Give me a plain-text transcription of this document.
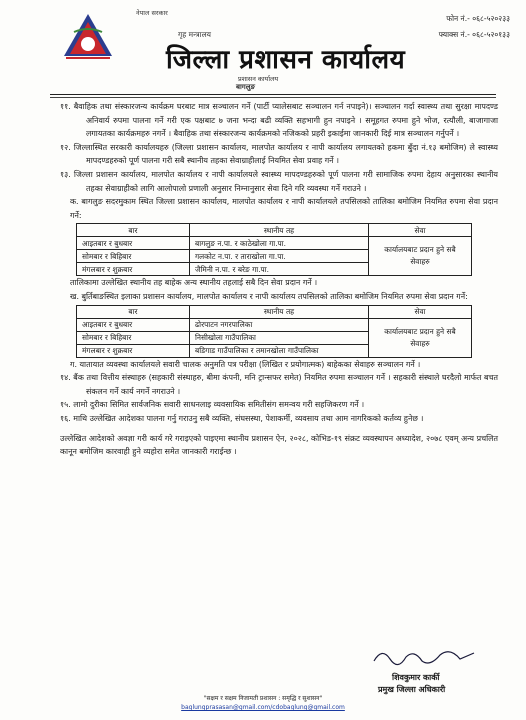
नेपाल सरकार
गृह मन्त्रालय
जिल्ला प्रशासन कार्यालय
प्रशासन कार्यालय
बागलुङ
फोन नं.- ०६८-५२०२३३
फ्याक्स नं.- ०६८-५२०१३३

११. बैवाहिक तथा संस्कारजन्य कार्यक्रम घरबाट मात्र सञ्चालन गर्ने (पार्टी प्यालेसबाट सञ्चालन गर्न नपाइने)। सञ्चालन गर्दा स्वास्थ्य तथा सुरक्षा मापदण्ड अनिवार्य रुपमा पालना गर्ने गरी एक पक्षबाट ७ जना भन्दा बढी व्यक्ति सहभागी हुन नपाइने । समूहगत रुपमा हुने भोज, रत्यौली, बाजागाजा लगायतका कार्यक्रमहरु नगर्ने । बैवाहिक तथा संस्कारजन्य कार्यक्रमको नजिकको प्रहरी इकाईमा जानकारी दिई मात्र सञ्चालन गर्नुपर्ने ।

१२. जिल्लास्थित सरकारी कार्यालयहरु (जिल्ला प्रशासन कार्यालय, मालपोत कार्यालय र नापी कार्यालय लगायतको हकमा बुँदा नं.१३ बमोजिम) ले स्वास्थ्य मापदण्डहरुको पूर्ण पालना गरी सबै स्थानीय तहका सेवाग्राहीलाई नियमित सेवा प्रवाह गर्ने ।

१३. जिल्ला प्रशासन कार्यालय, मालपोत कार्यालय र नापी कार्यालयले स्वास्थ्य मापदण्डहरुको पूर्ण पालना गरी सामाजिक रुपमा देहाय अनुसारका स्थानीय तहका सेवाग्राहीको लागि आलोपालो प्रणाली अनुसार निम्नानुसार सेवा दिने गरि व्यवस्था गर्ने गराउने ।

क. बागलुङ सदरमुकाम स्थित जिल्ला प्रशासन कार्यालय, मालपोत कार्यालय र नापी कार्यालयले तपसिलको तालिका बमोजिम नियमित रुपमा सेवा प्रदान गर्ने:

बार	स्थानीय तह	सेवा
आइतबार र बुधबार	बागलुङ न.पा. र काठेखोला गा.पा.	कार्यालयबाट प्रदान हुने सबै सेवाहरु
सोमबार र बिहिबार	गलकोट न.पा. र ताराखोला गा.पा.	
मंगलबार र शुक्रबार	जैमिनी न.पा. र बरेङ गा.पा.	

तालिकामा उल्लेखित स्थानीय तह बाहेक अन्य स्थानीय तहलाई सबै दिन सेवा प्रदान गर्ने ।

ख. बुर्तिबाङस्थित इलाका प्रशासन कार्यालय, मालपोत कार्यालय र नापी कार्यालय तपसिलको तालिका बमोजिम नियमित रुपमा सेवा प्रदान गर्ने:

बार	स्थानीय तह	सेवा
आइतबार र बुधबार	ढोरपाटन नगरपालिका	कार्यालयबाट प्रदान हुने सबै सेवाहरु
सोमबार र बिहिबार	निसीखोला गाउँपालिका	
मंगलबार र शुक्रबार	बडिगाड गाउँपालिका र तमानखोला गाउँपालिका	

ग. यातायात व्यवस्था कार्यालयले सवारी चालक अनुमति पत्र परीक्षा (लिखित र प्रयोगात्मक) बाहेकका सेवाहरु सञ्चालन गर्ने ।

१४. बैंक तथा वित्तीय संस्थाहरु (सहकारी संस्थाहरु, बीमा कंपनी, मनि ट्रान्सफर समेत) नियमित रुपमा सञ्चालन गर्ने । सहकारी संस्थाले घरदैलो मार्फत बचत संकलन गर्ने कार्य नगर्ने नगराउने ।

१५. लामो दुरीका सिमित सार्वजनिक सवारी साधनलाइ व्यवसायिक समितीसंग समन्वय गरी सहजिकरण गर्ने ।

१६. माथि उल्लेखित आदेशका पालना गर्नु गराउनु सबै व्यक्ति, संघसस्था, पेशाकर्मी, व्यवसाय तथा आम नागरिकको कर्तव्य हुनेछ ।

उल्लेखित आदेशको अवज्ञा गरी कार्य गरे गराइएको पाइएमा स्थानीय प्रशासन ऐन, २०२८, कोभिड-१९ संक्रट व्यवस्थापन अध्यादेश, २०७८ एवम् अन्य प्रचलित कानून बमोजिम कारवाही हुने व्यहोरा समेत जानकारी गराईन्छ ।

शिवकुमार कार्की
प्रमुख जिल्ला अधिकारी
"सक्षम र सक्षम निजामती प्रशासन : समृद्धि र सुशासन"
baglungprasasan@gmail.com/cdobaglung@gmail.com
